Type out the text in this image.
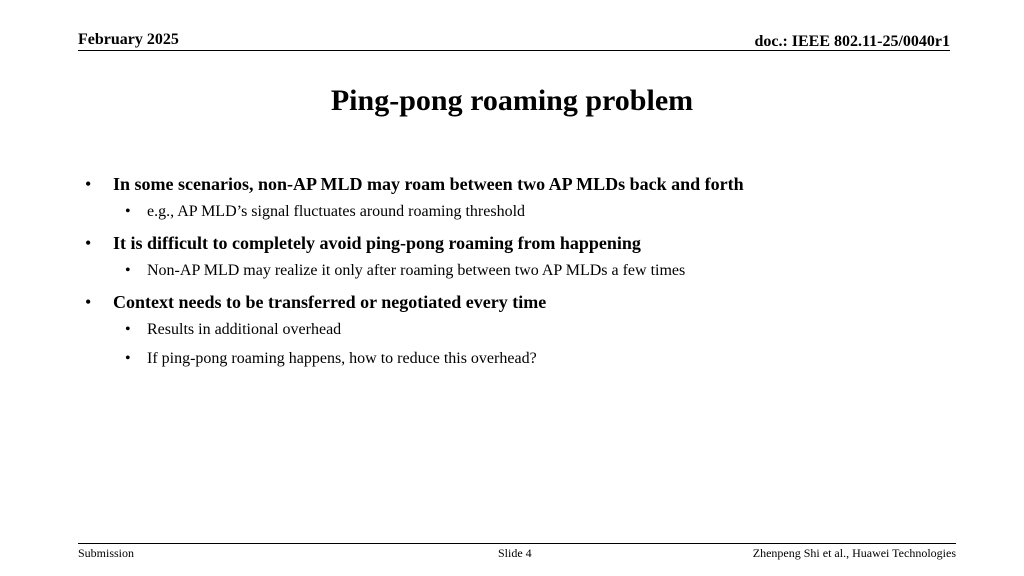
February 2025	doc.: IEEE 802.11-25/0040r1
Ping-pong roaming problem
• In some scenarios, non-AP MLD may roam between two AP MLDs back and forth
• e.g., AP MLD’s signal fluctuates around roaming threshold
• It is difficult to completely avoid ping-pong roaming from happening
• Non-AP MLD may realize it only after roaming between two AP MLDs a few times
• Context needs to be transferred or negotiated every time
• Results in additional overhead
• If ping-pong roaming happens, how to reduce this overhead?
Submission	Slide 4	Zhenpeng Shi et al., Huawei Technologies
